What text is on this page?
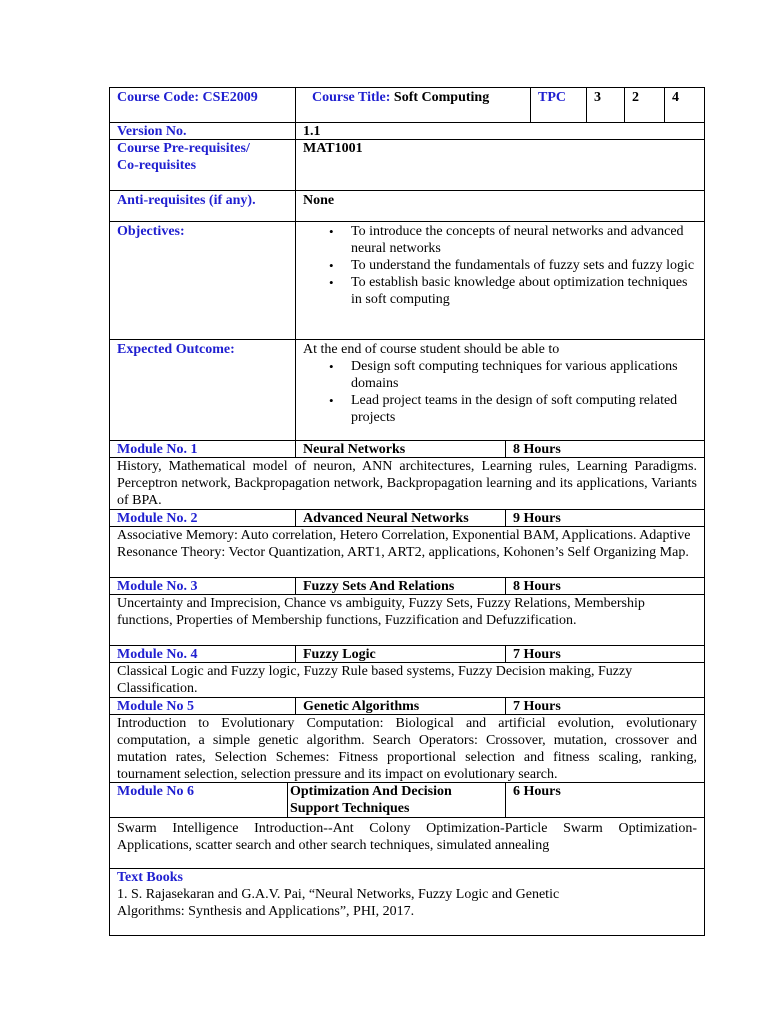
Course Code: CSE2009	Course Title: Soft Computing	TPC	3	2	4
Version No.	1.1
Course Pre-requisites/
Co-requisites
MAT1001
Anti-requisites (if any).	None
Objectives:
•	To introduce the concepts of neural networks and advanced neural networks
• To understand the fundamentals of fuzzy sets and fuzzy logic
• To establish basic knowledge about optimization techniques in soft computing
Expected Outcome:	At the end of course student should be able to
• Design soft computing techniques for various applications domains
• Lead project teams in the design of soft computing related projects
Module No. 1	Neural Networks	8 Hours
History, Mathematical model of neuron, ANN architectures, Learning rules, Learning Paradigms. Perceptron network, Backpropagation network, Backpropagation learning and its applications, Variants of BPA.
Module No. 2	Advanced Neural Networks	9 Hours
Associative Memory: Auto correlation, Hetero Correlation, Exponential BAM, Applications. Adaptive Resonance Theory: Vector Quantization, ART1, ART2, applications, Kohonen’s Self Organizing Map.
Module No. 3	Fuzzy Sets And Relations	8 Hours
Uncertainty and Imprecision, Chance vs ambiguity, Fuzzy Sets, Fuzzy Relations, Membership functions, Properties of Membership functions, Fuzzification and Defuzzification.
Module No. 4	Fuzzy Logic	7 Hours
Classical Logic and Fuzzy logic, Fuzzy Rule based systems, Fuzzy Decision making, Fuzzy Classification.
Module No 5	Genetic Algorithms	7 Hours
Introduction to Evolutionary Computation: Biological and artificial evolution, evolutionary computation, a simple genetic algorithm. Search Operators: Crossover, mutation, crossover and mutation rates, Selection Schemes: Fitness proportional selection and fitness scaling, ranking, tournament selection, selection pressure and its impact on evolutionary search.
Module No 6	Optimization And Decision Support Techniques
6 Hours
Swarm Intelligence Introduction--Ant Colony Optimization-Particle Swarm Optimization-Applications, scatter search and other search techniques, simulated annealing
Text Books
1. S. Rajasekaran and G.A.V. Pai, “Neural Networks, Fuzzy Logic and Genetic Algorithms: Synthesis and Applications”, PHI, 2017.
